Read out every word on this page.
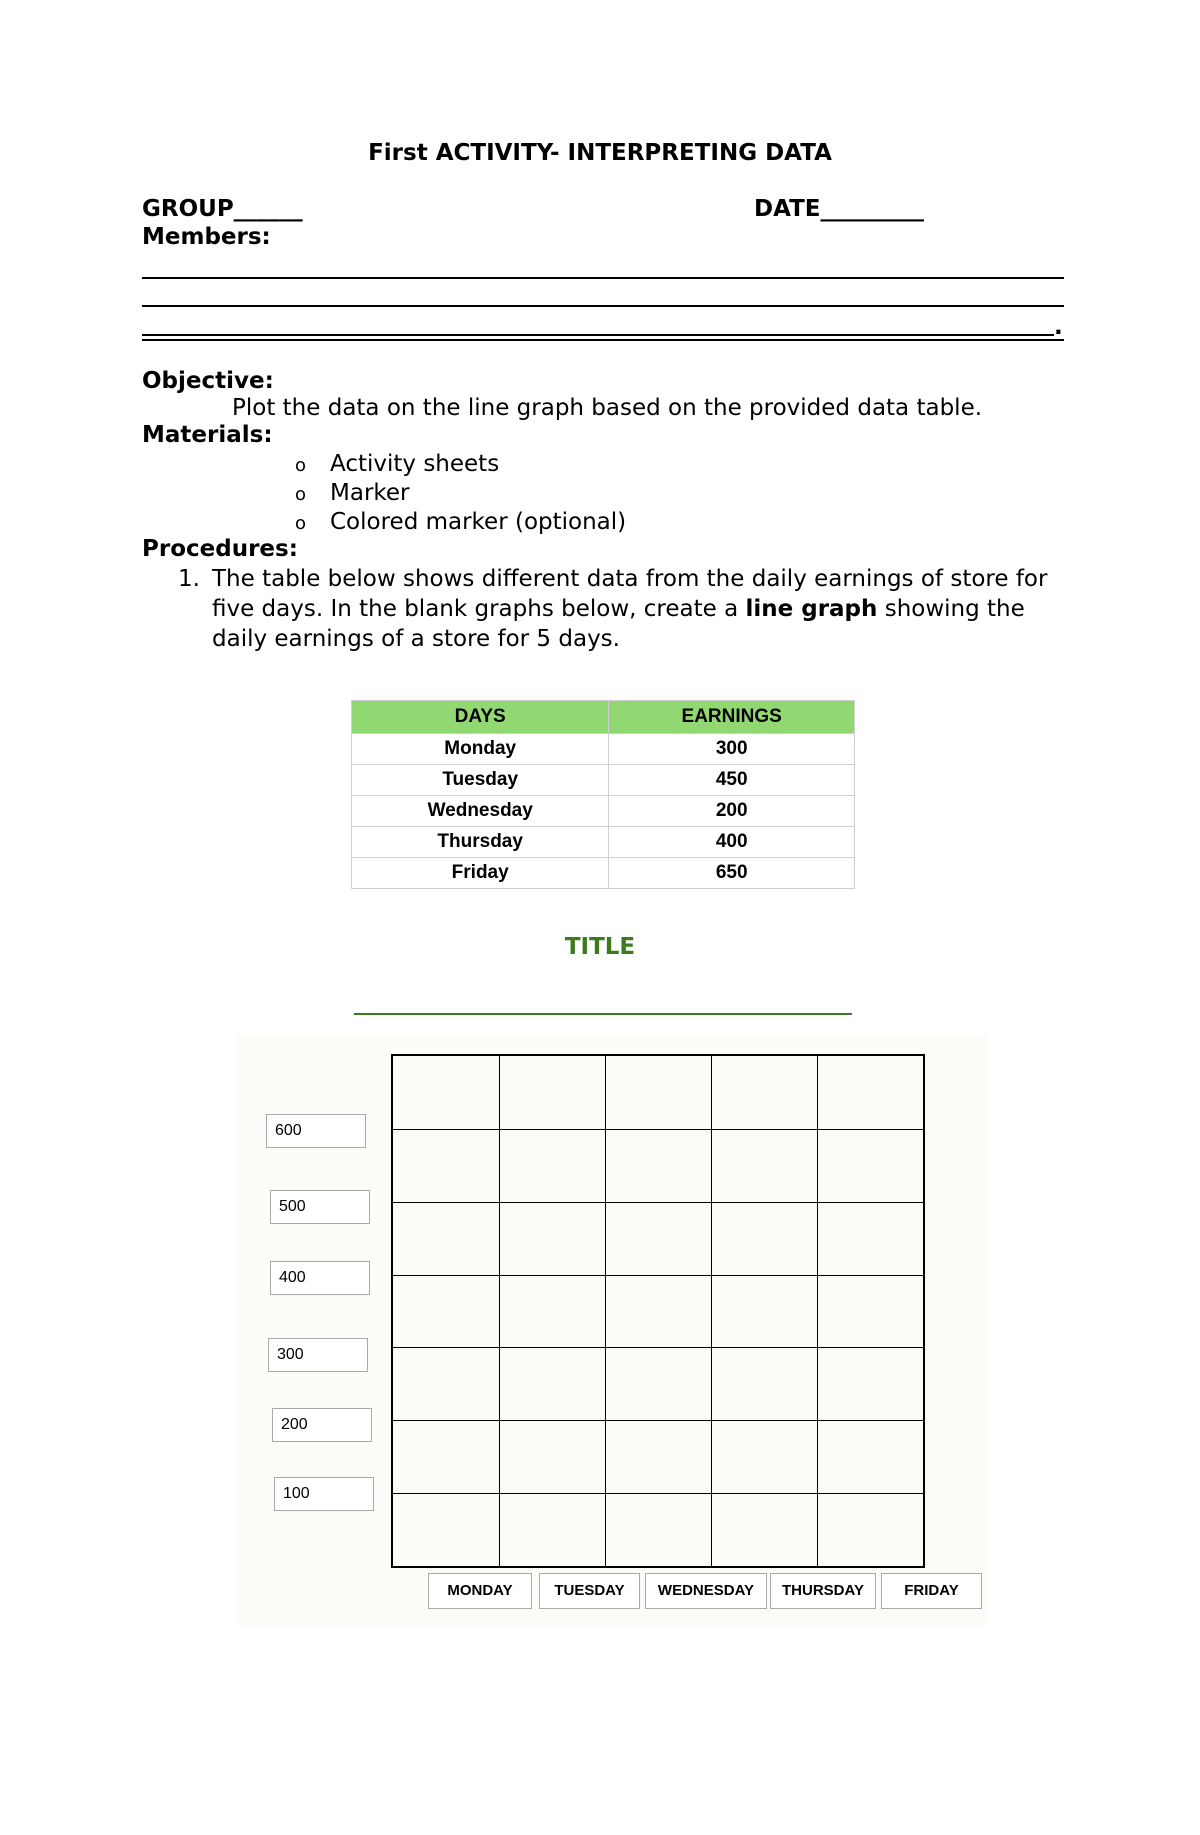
First ACTIVITY- INTERPRETING DATA
GROUP______	DATE_________
Members:
.
Objective:
Plot the data on the line graph based on the provided data table.
Materials:
o Activity sheets
o Marker
o Colored marker (optional)
Procedures:
1. The table below shows different data from the daily earnings of store for five days. In the blank graphs below, create a line graph showing the daily earnings of a store for 5 days.
DAYS	EARNINGS
Monday	300
Tuesday	450
Wednesday	200
Thursday	400
Friday	650
TITLE
600
500
400
300
200
100
MONDAY	TUESDAY	WEDNESDAY	THURSDAY	FRIDAY
